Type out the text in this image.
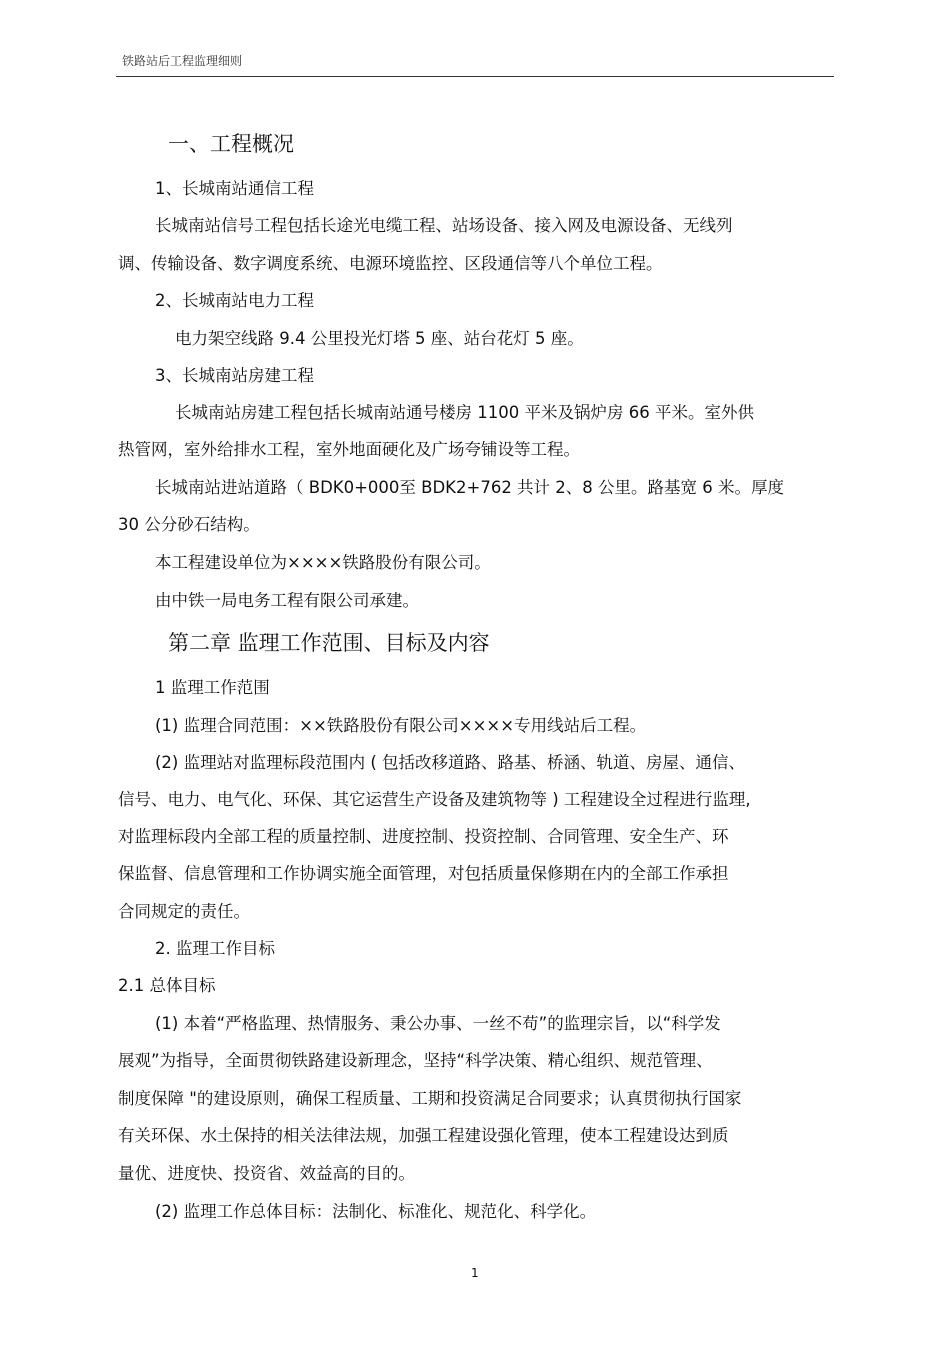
铁路站后工程监理细则
一、工程概况
1、长城南站通信工程
长城南站信号工程包括长途光电缆工程、站场设备、接入网及电源设备、无线列
调、传输设备、数字调度系统、电源环境监控、区段通信等八个单位工程。
2、长城南站电力工程
电力架空线路 9.4 公里投光灯塔 5 座、站台花灯 5 座。
3、长城南站房建工程
长城南站房建工程包括长城南站通号楼房 1100 平米及锅炉房 66 平米。室外供
热管网，室外给排水工程，室外地面硬化及广场夸铺设等工程。
长城南站进站道路（ BDK0+000至 BDK2+762 共计 2、8 公里。路基宽 6 米。厚度
30 公分砂石结构。
本工程建设单位为××××铁路股份有限公司。
由中铁一局电务工程有限公司承建。
第二章 监理工作范围、目标及内容
1 监理工作范围
(1) 监理合同范围：××铁路股份有限公司××××专用线站后工程。
(2) 监理站对监理标段范围内 ( 包括改移道路、路基、桥涵、轨道、房屋、通信、
信号、电力、电气化、环保、其它运营生产设备及建筑物等 ) 工程建设全过程进行监理,
对监理标段内全部工程的质量控制、进度控制、投资控制、合同管理、安全生产、环
保监督、信息管理和工作协调实施全面管理，对包括质量保修期在内的全部工作承担
合同规定的责任。
2. 监理工作目标
2.1 总体目标
(1) 本着“严格监理、热情服务、秉公办事、一丝不苟”的监理宗旨，以“科学发
展观”为指导，全面贯彻铁路建设新理念，坚持“科学决策、精心组织、规范管理、
制度保障 "的建设原则，确保工程质量、工期和投资满足合同要求；认真贯彻执行国家
有关环保、水土保持的相关法律法规，加强工程建设强化管理，使本工程建设达到质
量优、进度快、投资省、效益高的目的。
(2) 监理工作总体目标：法制化、标准化、规范化、科学化。
1
